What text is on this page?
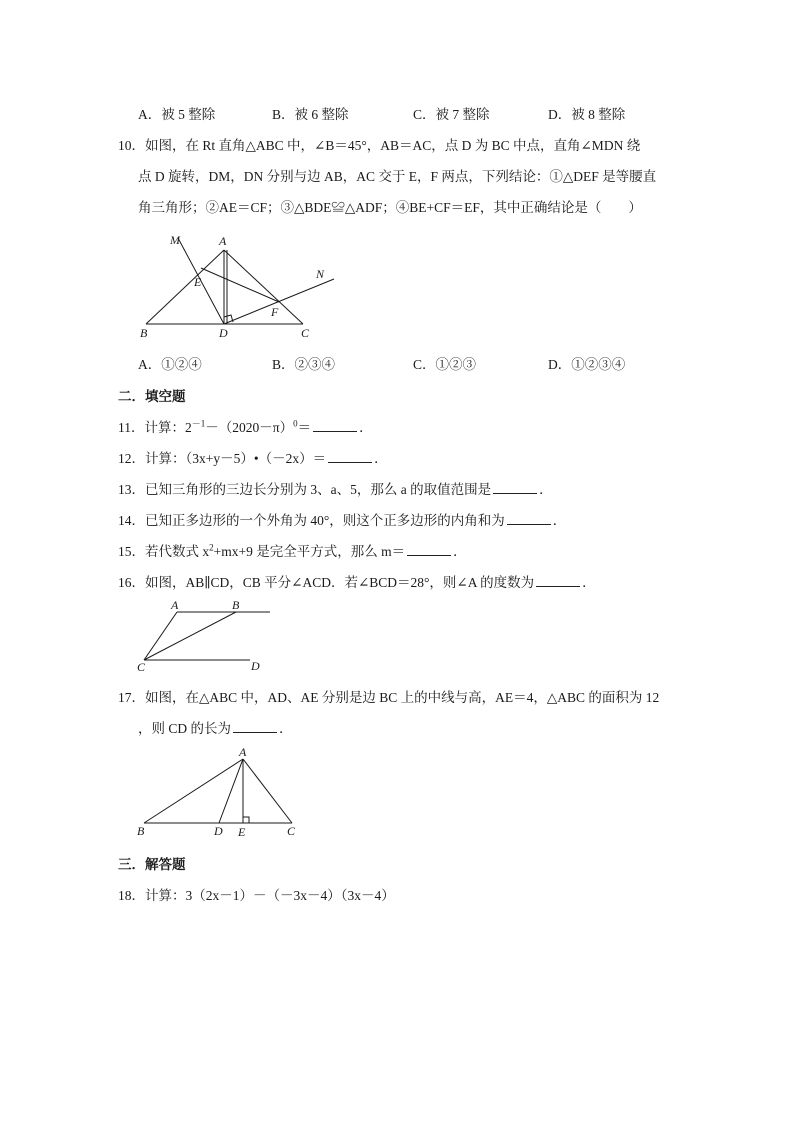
A．被 5 整除	B．被 6 整除	C．被 7 整除	D．被 8 整除
10．如图，在 Rt 直角△ABC 中，∠B＝45°，AB＝AC，点 D 为 BC 中点，直角∠MDN 绕
点 D 旋转，DM，DN 分别与边 AB，AC 交于 E，F 两点，下列结论：①△DEF 是等腰直
角三角形；②AE＝CF；③△BDE≌△ADF；④BE+CF＝EF，其中正确结论是（　　）
M	A
N
E
F
B	D	C
A．①②④	B．②③④	C．①②③	D．①②③④
二．填空题
11．计算：$2^{-1}-(2020-\pi)^0=$	．
12．计算：（3x+y－5）•（－2x）＝	．
13．已知三角形的三边长分别为 3、a、5，那么 a 的取值范围是	．
14．已知正多边形的一个外角为 40°，则这个正多边形的内角和为	．
15．若代数式 $x^2+mx+9$ 是完全平方式，那么 m＝	．
16．如图，AB∥CD，CB 平分∠ACD．若∠BCD＝28°，则∠A 的度数为	．
A	B
C	D
17．如图，在△ABC 中，AD、AE 分别是边 BC 上的中线与高，AE＝4，△ABC 的面积为 12
，则 CD 的长为	．
A
B	D E	C
三．解答题
18．计算：3（2x－1）－（－3x－4）（3x－4）
